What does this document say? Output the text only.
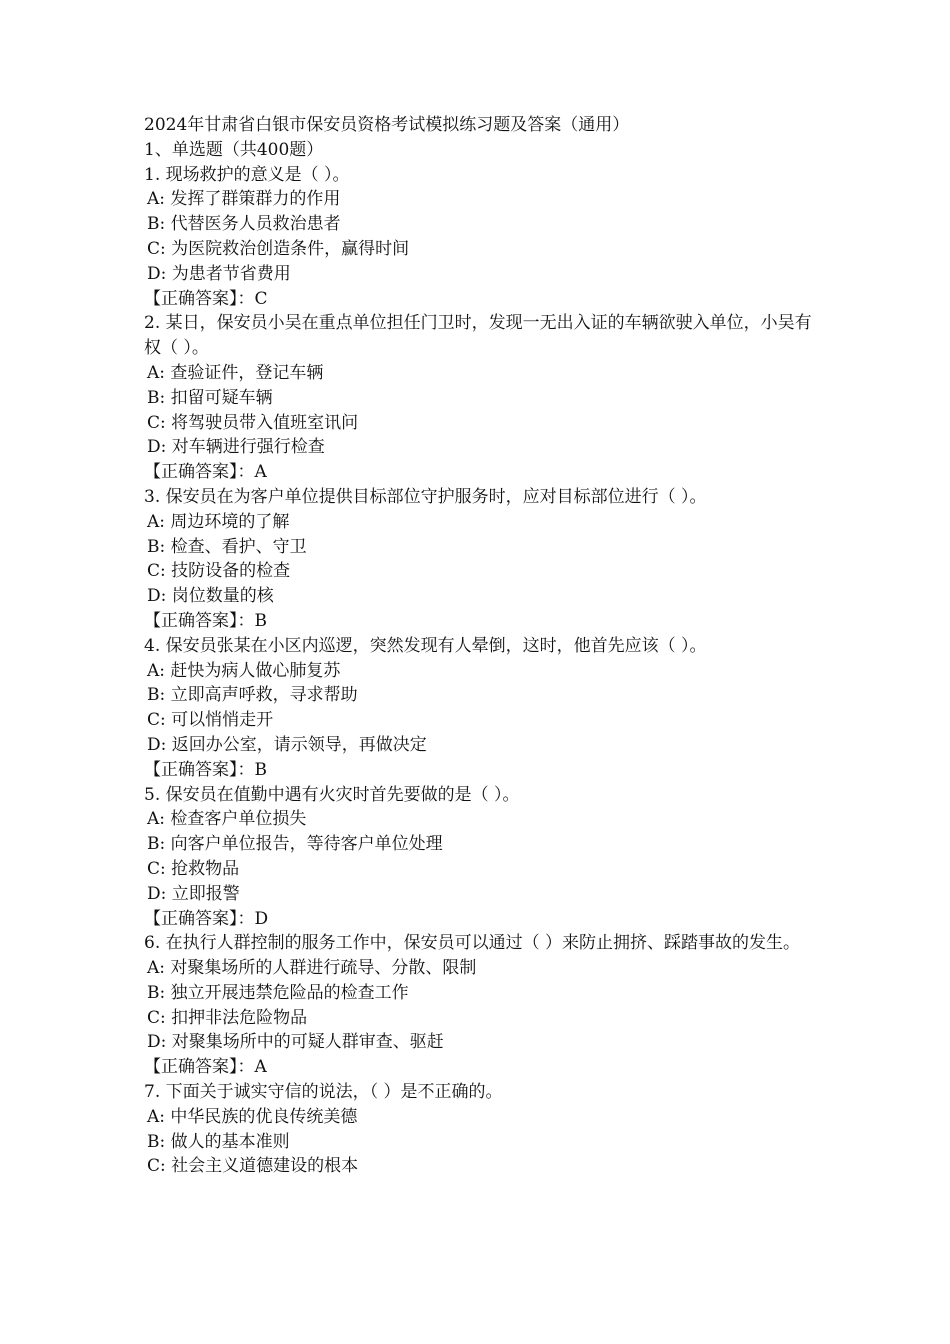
2024年甘肃省白银市保安员资格考试模拟练习题及答案（通用）
1、单选题（共400题）
1. 现场救护的意义是（ ）。
A: 发挥了群策群力的作用
B: 代替医务人员救治患者
C: 为医院救治创造条件，赢得时间
D: 为患者节省费用
【正确答案】：C
2. 某日，保安员小吴在重点单位担任门卫时，发现一无出入证的车辆欲驶入单位，小吴有权（ ）。
A: 查验证件，登记车辆
B: 扣留可疑车辆
C: 将驾驶员带入值班室讯问
D: 对车辆进行强行检查
【正确答案】：A
3. 保安员在为客户单位提供目标部位守护服务时，应对目标部位进行（ ）。
A: 周边环境的了解
B: 检查、看护、守卫
C: 技防设备的检查
D: 岗位数量的核
【正确答案】：B
4. 保安员张某在小区内巡逻，突然发现有人晕倒，这时，他首先应该（ ）。
A: 赶快为病人做心肺复苏
B: 立即高声呼救，寻求帮助
C: 可以悄悄走开
D: 返回办公室，请示领导，再做决定
【正确答案】：B
5. 保安员在值勤中遇有火灾时首先要做的是（ ）。
A: 检查客户单位损失
B: 向客户单位报告，等待客户单位处理
C: 抢救物品
D: 立即报警
【正确答案】：D
6. 在执行人群控制的服务工作中，保安员可以通过（ ）来防止拥挤、踩踏事故的发生。
A: 对聚集场所的人群进行疏导、分散、限制
B: 独立开展违禁危险品的检查工作
C: 扣押非法危险物品
D: 对聚集场所中的可疑人群审查、驱赶
【正确答案】：A
7. 下面关于诚实守信的说法，（ ）是不正确的。
A: 中华民族的优良传统美德
B: 做人的基本准则
C: 社会主义道德建设的根本
